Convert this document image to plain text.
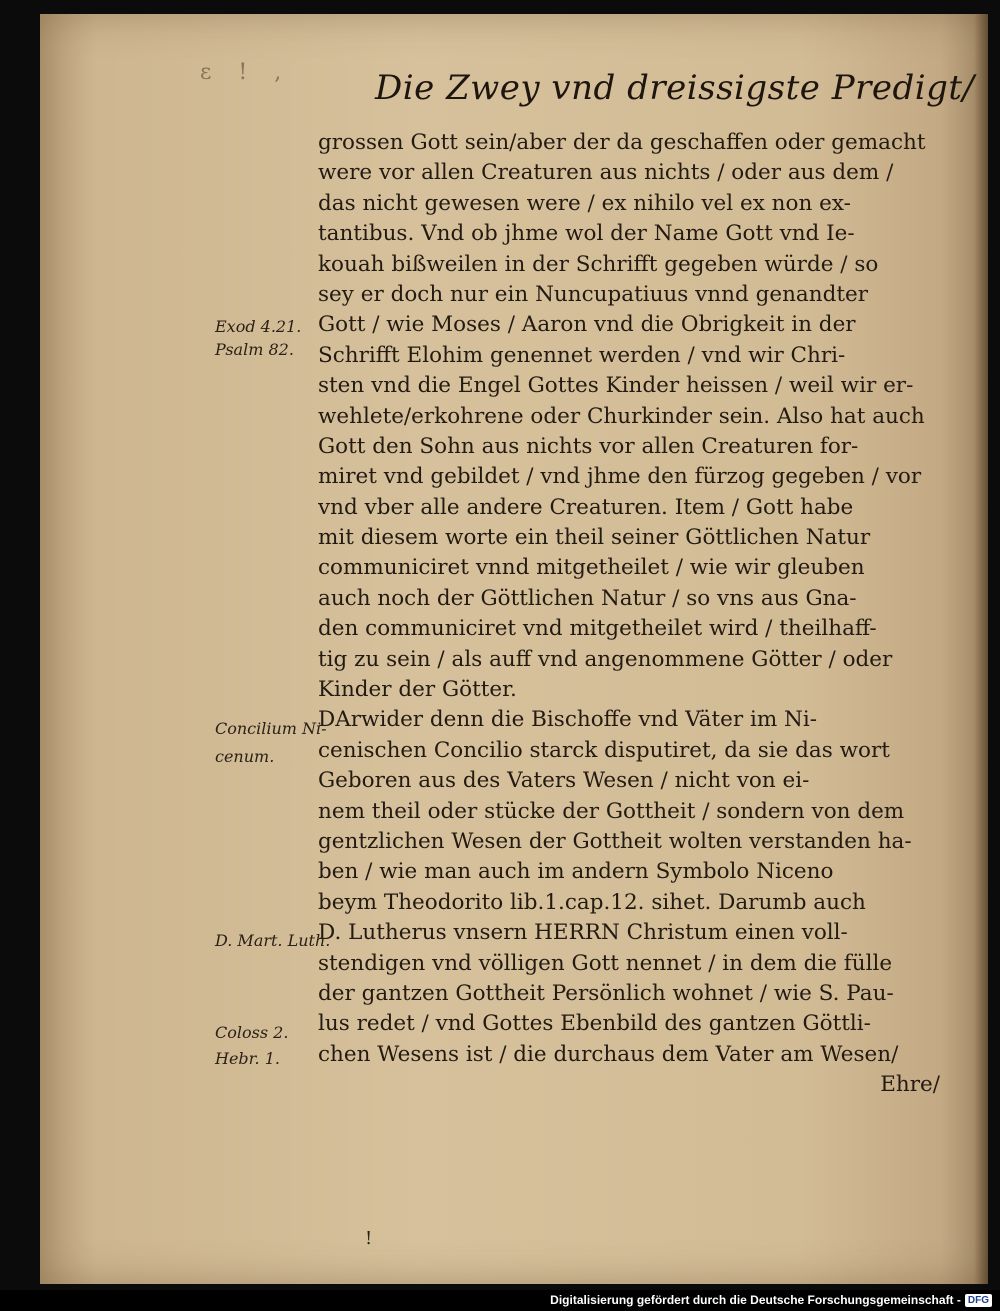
ɛ ! , Die Zwey vnd dreissigste Predigt/
grossen Gott sein/aber der da geschaffen oder gemacht
were vor allen Creaturen aus nichts / oder aus dem /
das nicht gewesen were / ex nihilo vel ex non ex-
tantibus. Vnd ob jhme wol der Name Gott vnd Ie-
kouah bißweilen in der Schrifft gegeben würde / so
sey er doch nur ein Nuncupatiuus vnnd genandter
Gott / wie Moses / Aaron vnd die Obrigkeit in der
Schrifft Elohim genennet werden / vnd wir Chri-
sten vnd die Engel Gottes Kinder heissen / weil wir er-
wehlete/erkohrene oder Churkinder sein. Also hat auch
Gott den Sohn aus nichts vor allen Creaturen for-
miret vnd gebildet / vnd jhme den fürzog gegeben / vor
vnd vber alle andere Creaturen. Item / Gott habe
mit diesem worte ein theil seiner Göttlichen Natur
communiciret vnnd mitgetheilet / wie wir gleuben
auch noch der Göttlichen Natur / so vns aus Gna-
den communiciret vnd mitgetheilet wird / theilhaff-
tig zu sein / als auff vnd angenommene Götter / oder
Kinder der Götter.
DArwider denn die Bischoffe vnd Väter im Ni-
cenischen Concilio starck disputiret, da sie das wort
Geboren aus des Vaters Wesen / nicht von ei-
nem theil oder stücke der Gottheit / sondern von dem
gentzlichen Wesen der Gottheit wolten verstanden ha-
ben / wie man auch im andern Symbolo Niceno
beym Theodorito lib.1.cap.12. sihet. Darumb auch
D. Lutherus vnsern HERRN Christum einen voll-
stendigen vnd völligen Gott nennet / in dem die fülle
der gantzen Gottheit Persönlich wohnet / wie S. Pau-
lus redet / vnd Gottes Ebenbild des gantzen Göttli-
chen Wesens ist / die durchaus dem Vater am Wesen/
Ehre/
Exod 4.21.
Psalm 82.
Concilium Ni-
cenum.
D. Mart. Luth.
Coloss 2.
Hebr. 1.
!
Digitalisierung gefördert durch die Deutsche Forschungsgemeinschaft - DFG
